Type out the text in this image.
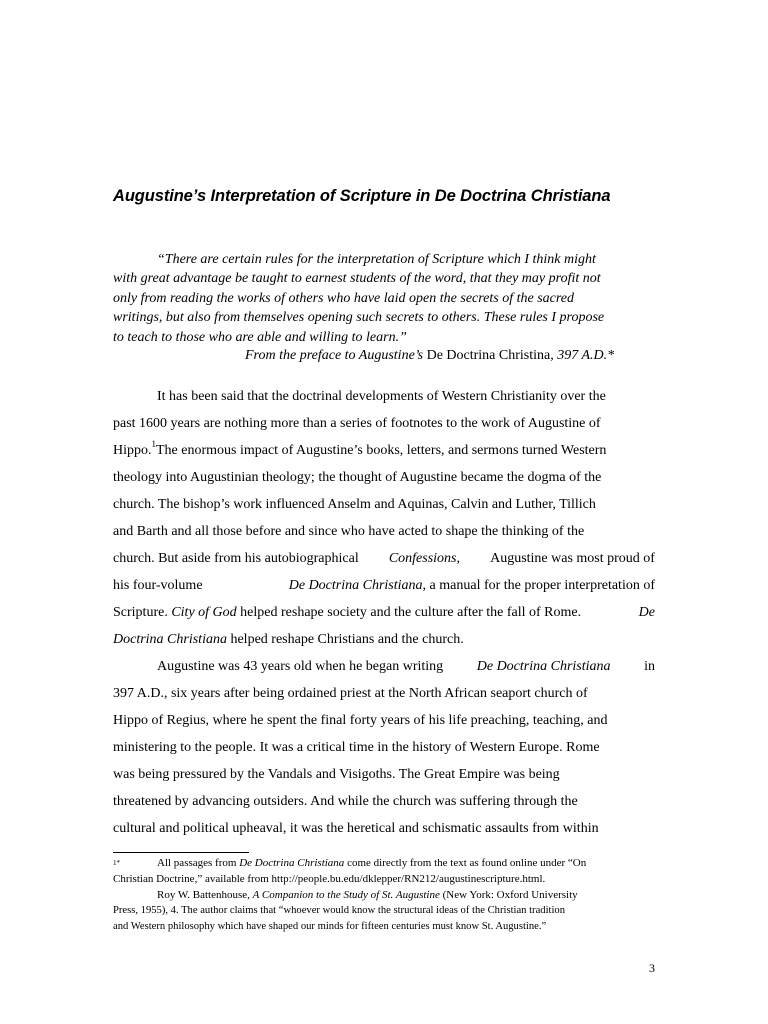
Augustine’s Interpretation of Scripture in De Doctrina Christiana
“There are certain rules for the interpretation of Scripture which I think might
with great advantage be taught to earnest students of the word, that they may profit not
only from reading the works of others who have laid open the secrets of the sacred
writings, but also from themselves opening such secrets to others. These rules I propose
to teach to those who are able and willing to learn.”
From the preface to Augustine’s De Doctrina Christina, 397 A.D.*
It has been said that the doctrinal developments of Western Christianity over the
past 1600 years are nothing more than a series of footnotes to the work of Augustine of
Hippo.$^1$The enormous impact of Augustine’s books, letters, and sermons turned Western
theology into Augustinian theology; the thought of Augustine became the dogma of the
church. The bishop’s work influenced Anselm and Aquinas, Calvin and Luther, Tillich
and Barth and all those before and since who have acted to shape the thinking of the
church. But aside from his autobiographical Confessions, Augustine was most proud of
his four-volume	De Doctrina Christiana, a manual for the proper interpretation of
Scripture. City of God helped reshape society and the culture after the fall of Rome.	De
Doctrina Christiana helped reshape Christians and the church.
Augustine was 43 years old when he began writing De Doctrina Christiana in
397 A.D., six years after being ordained priest at the North African seaport church of
Hippo of Regius, where he spent the final forty years of his life preaching, teaching, and
ministering to the people. It was a critical time in the history of Western Europe. Rome
was being pressured by the Vandals and Visigoths. The Great Empire was being
threatened by advancing outsiders. And while the church was suffering through the
cultural and political upheaval, it was the heretical and schismatic assaults from within
1*	All passages from De Doctrina Christiana come directly from the text as found online under “On
Christian Doctrine,” available from http://people.bu.edu/dklepper/RN212/augustinescripture.html.
Roy W. Battenhouse, A Companion to the Study of St. Augustine (New York: Oxford University
Press, 1955), 4. The author claims that “whoever would know the structural ideas of the Christian tradition
and Western philosophy which have shaped our minds for fifteen centuries must know St. Augustine.”
3
